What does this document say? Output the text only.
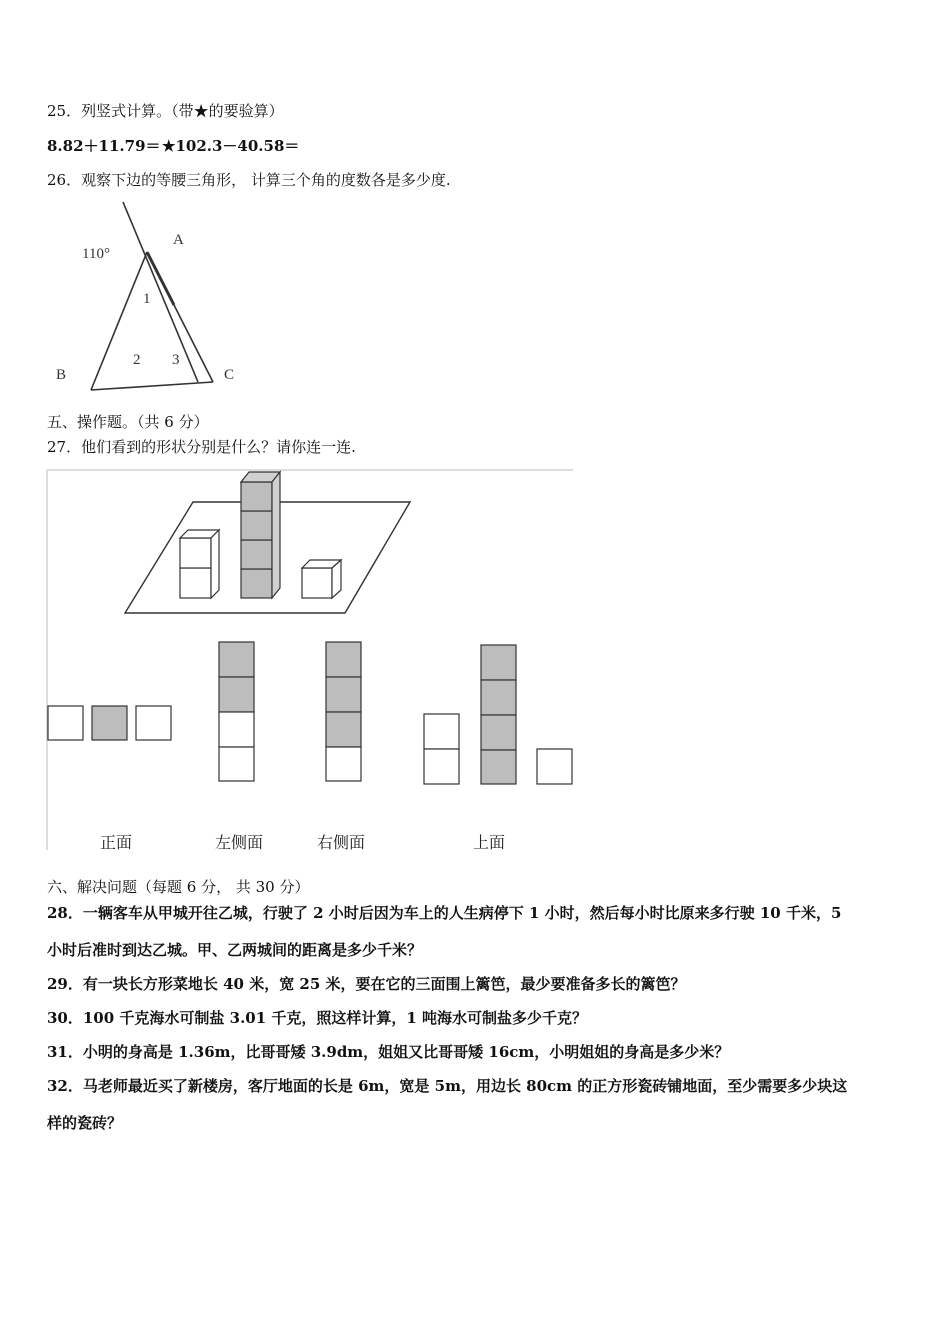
25．列竖式计算。（带★的要验算）
8.82＋11.79＝ ★102.3－40.58＝
26．观察下边的等腰三角形， 计算三个角的度数各是多少度.
110°
A
B	C
1
2 3
五、操作题。（共 6 分）
27．他们看到的形状分别是什么？请你连一连.
正面	左侧面	右侧面	上面
六、解决问题（每题 6 分， 共 30 分）
28．一辆客车从甲城开往乙城，行驶了 2 小时后因为车上的人生病停下 1 小时，然后每小时比原来多行驶 10 千米，5
小时后准时到达乙城。甲、乙两城间的距离是多少千米？
29．有一块长方形菜地长 40 米，宽 25 米，要在它的三面围上篱笆，最少要准备多长的篱笆？
30．100 千克海水可制盐 3.01 千克，照这样计算，1 吨海水可制盐多少千克？
31．小明的身高是 1.36m，比哥哥矮 3.9dm，姐姐又比哥哥矮 16cm，小明姐姐的身高是多少米？
32．马老师最近买了新楼房，客厅地面的长是 6m，宽是 5m，用边长 80cm 的正方形瓷砖铺地面，至少需要多少块这
样的瓷砖？
